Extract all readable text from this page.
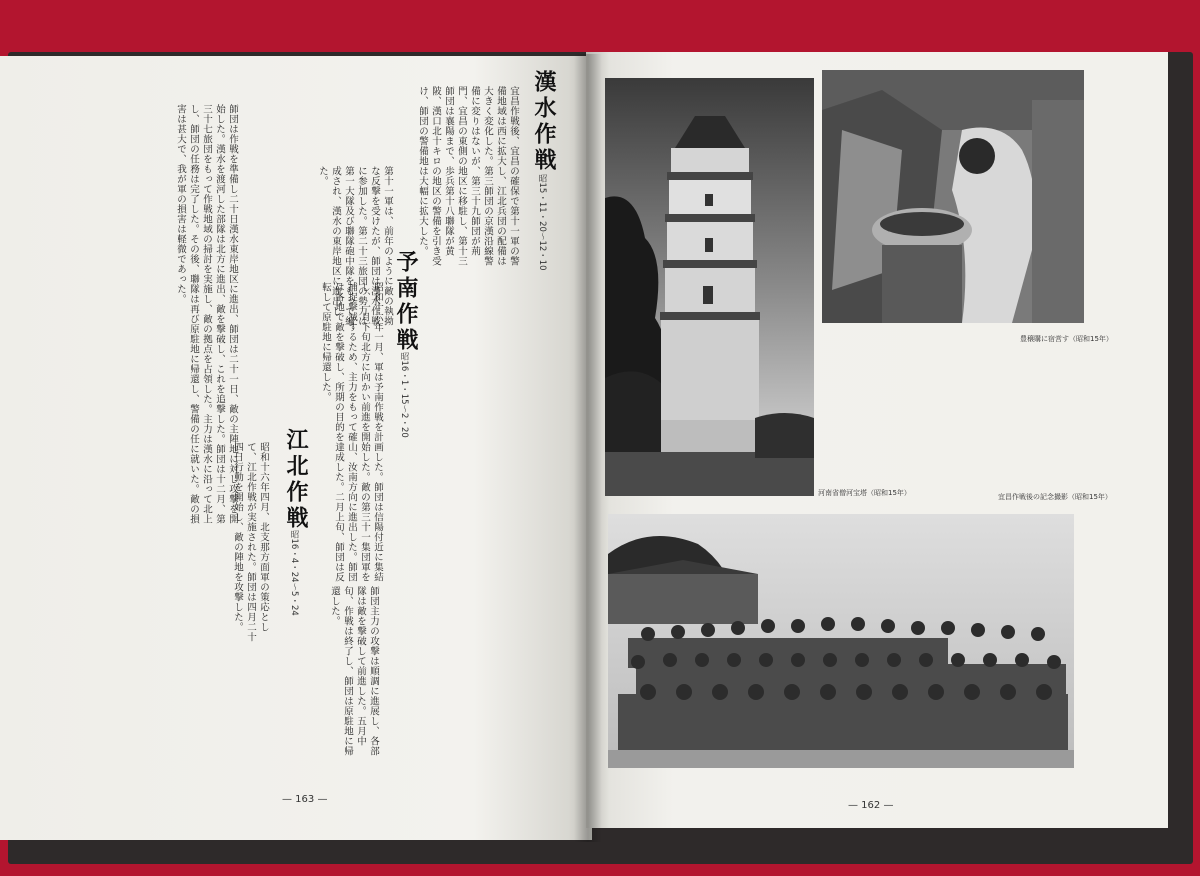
漢水作戦
昭15・11・20〜12・10
宜昌作戦後、宜昌の確保で第十一軍の警備地域は西に拡大し、江北兵団の配備は大きく変化した。第三師団の京漢沿線警備に変りはないが、第三十九師団が荊門、宜昌の東側の地区に移駐し、第十三師団は襄陽まで、歩兵第十八聯隊が黄陂、漢口北十キロの地区の警備を引き受け、師団の警備地は大幅に拡大した。
第十一軍は、前年のように敵の執拗な反撃を受けたが、師団は漢水作戦に参加した。第二十三旅団の勢力は第一大隊及び聯隊砲中隊をもって編成され、漢水の東岸地区に進出した。
師団は作戦を準備し二十日漢水東岸地区に進出、師団は二十一日、敵の主陣地に対し攻撃を開始した。漢水を渡河した部隊は北方に進出、敵を撃破し、これを追撃した。師団は十二月、第三十七旅団をもって作戦地域の掃討を実施し、敵の拠点を占領した。主力は漢水に沿って北上し、師団の任務は完了した。その後、聯隊は再び原駐地に帰還し、警備の任に就いた。敵の損害は甚大で、我が軍の損害は軽微であった。	予南作戦
昭16・1・15〜2・20
昭和十六年一月、軍は予南作戦を計画した。師団は信陽付近に集結し、一月下旬北方に向かい前進を開始した。敵の第三十一集団軍を捕捉撃滅するため、主力をもって確山、汝南方向に進出した。師団は各地で敵を撃破し、所期の目的を達成した。二月上旬、師団は反転して原駐地に帰還した。
江北作戦
昭16・4・24〜5・24
昭和十六年四月、北支那方面軍の策応として、江北作戦が実施された。師団は四月二十四日行動を開始し、敵の陣地を攻撃した。
師団主力の攻撃は順調に進展し、各部隊は敵を撃破して前進した。五月中旬、作戦は終了し、師団は原駐地に帰還した。
— 163 —
河南省僧河宝塔（昭和15年）
豊穣購に宿営す（昭和15年）
宜昌作戦後の記念撮影（昭和15年）
— 162 —
